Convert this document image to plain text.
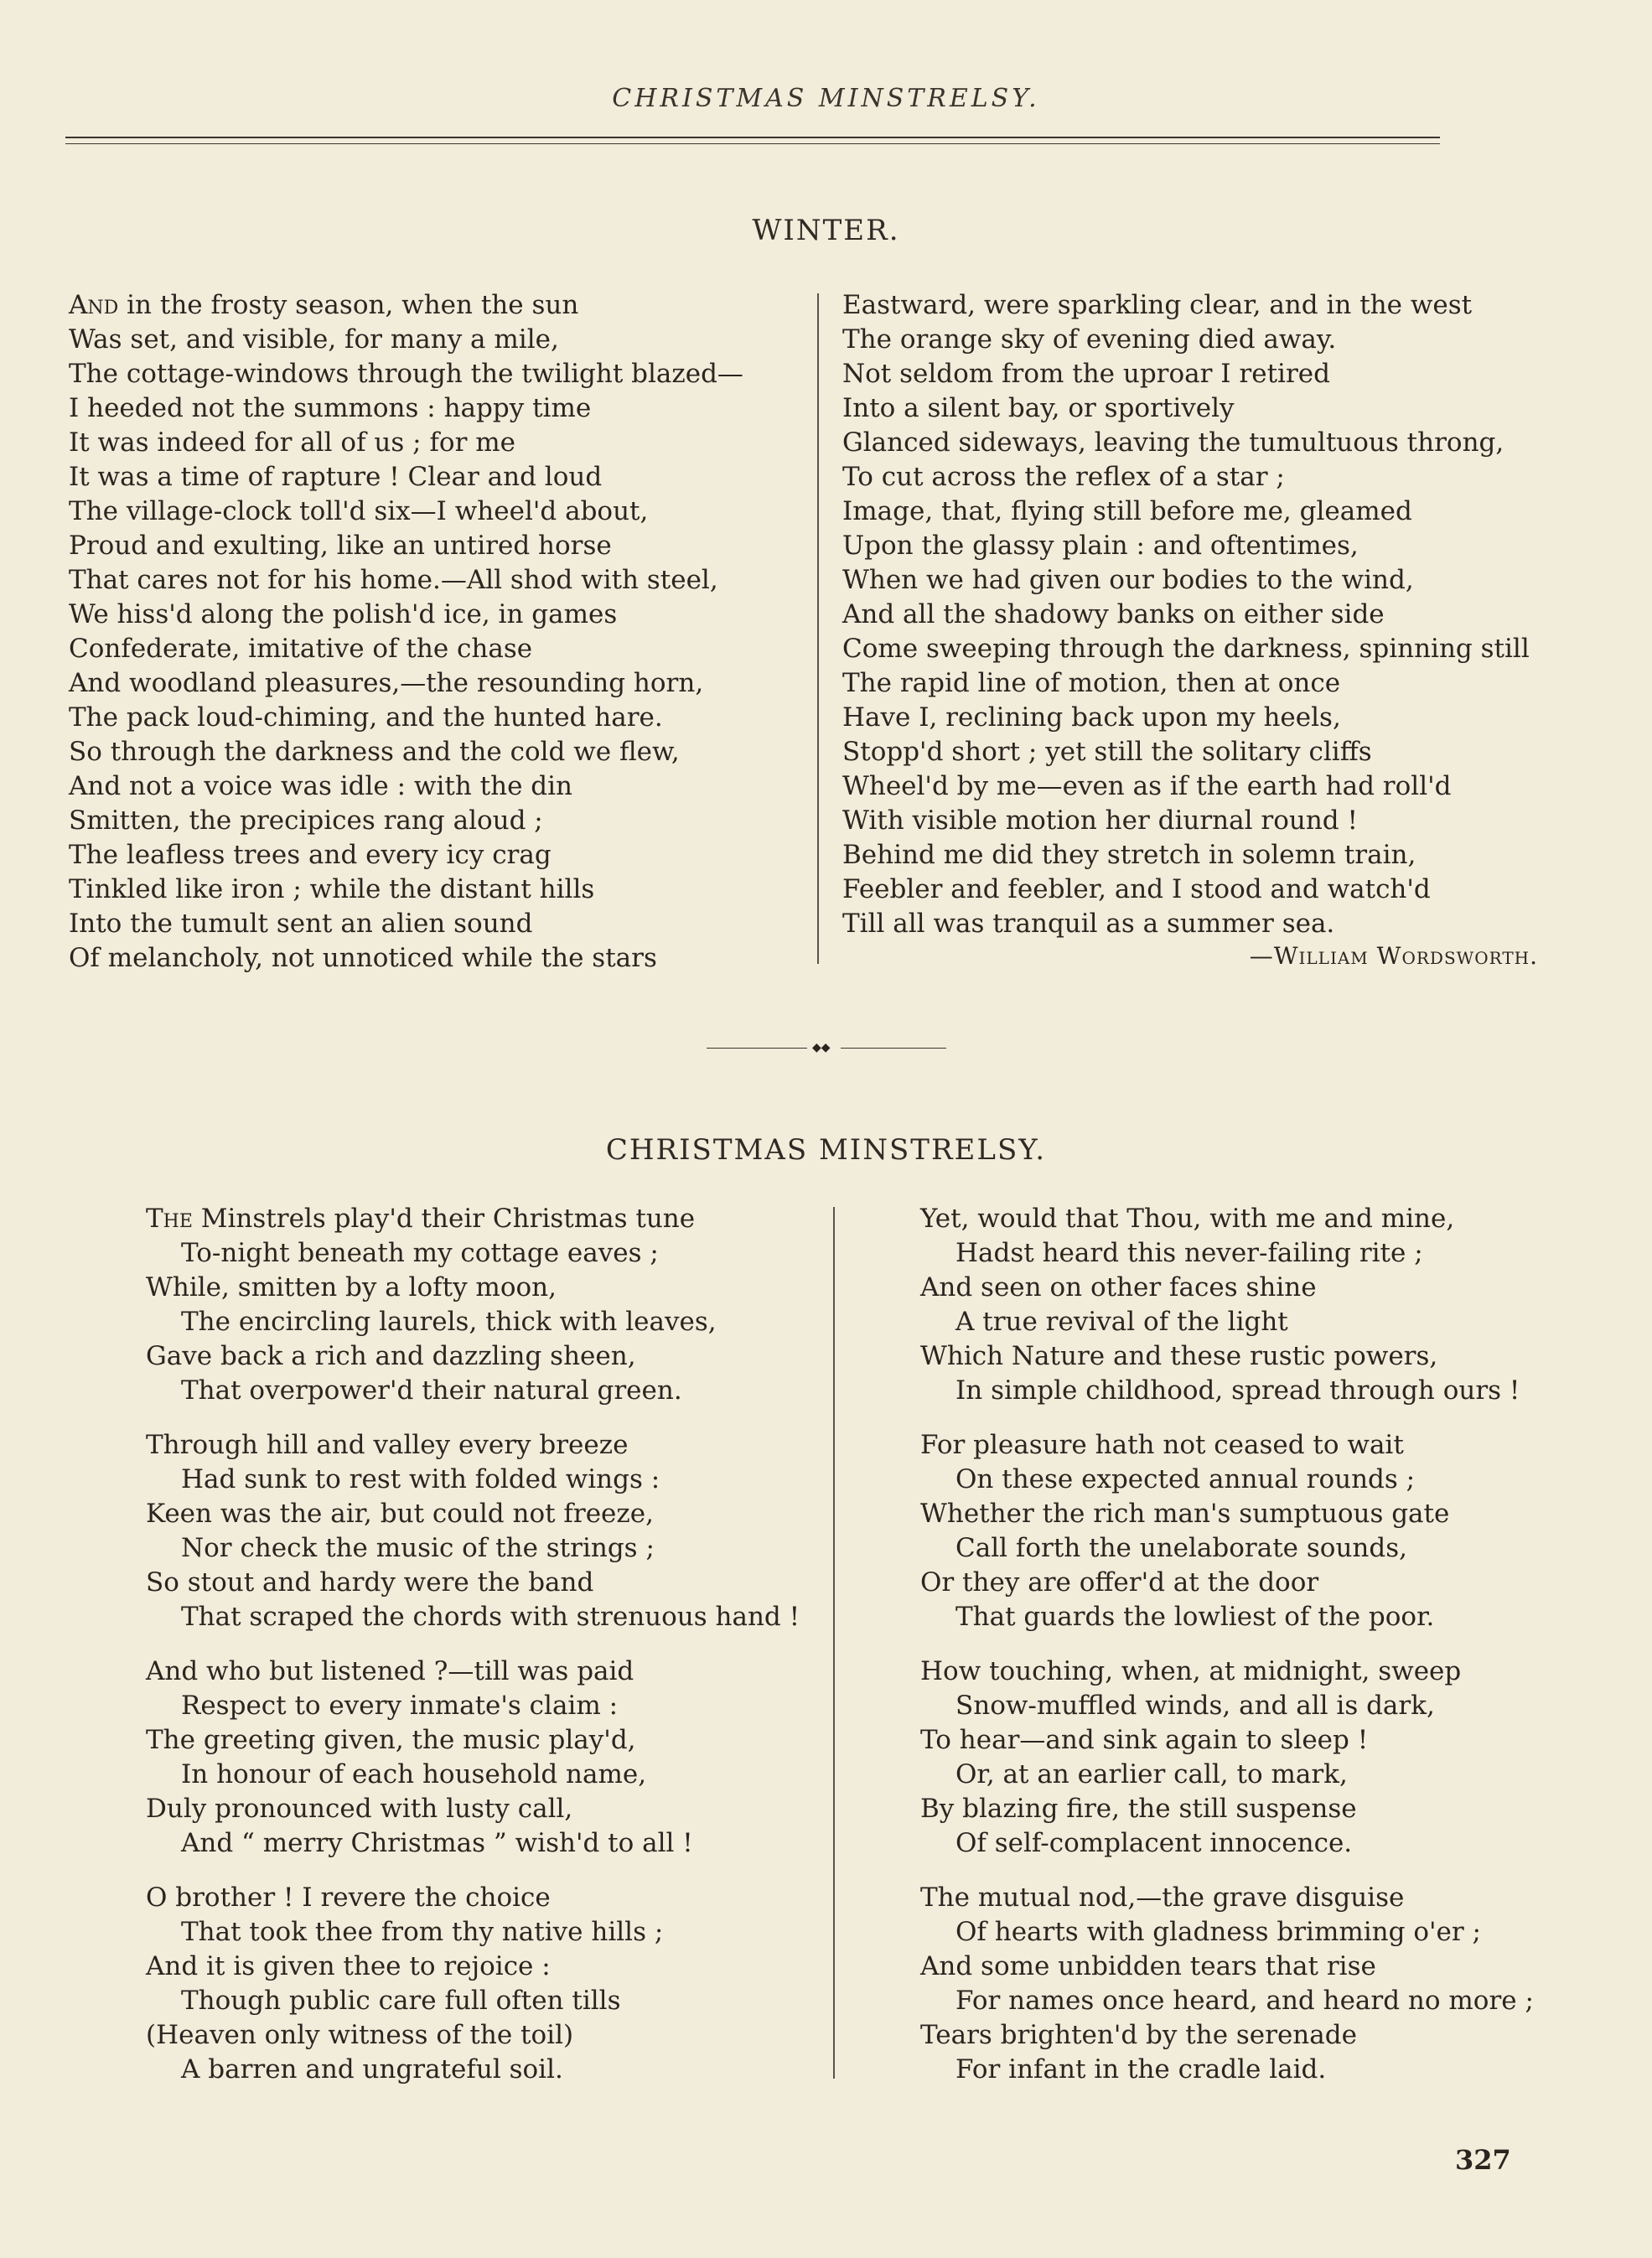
CHRISTMAS MINSTRELSY.
WINTER.
And in the frosty season, when the sun
Was set, and visible, for many a mile,
The cottage-windows through the twilight blazed—
I heeded not the summons : happy time
It was indeed for all of us ; for me
It was a time of rapture ! Clear and loud
The village-clock toll'd six—I wheel'd about,
Proud and exulting, like an untired horse
That cares not for his home.—All shod with steel,
We hiss'd along the polish'd ice, in games
Confederate, imitative of the chase
And woodland pleasures,—the resounding horn,
The pack loud-chiming, and the hunted hare.
So through the darkness and the cold we flew,
And not a voice was idle : with the din
Smitten, the precipices rang aloud ;
The leafless trees and every icy crag
Tinkled like iron ; while the distant hills
Into the tumult sent an alien sound
Of melancholy, not unnoticed while the stars
Eastward, were sparkling clear, and in the west
The orange sky of evening died away.
Not seldom from the uproar I retired
Into a silent bay, or sportively
Glanced sideways, leaving the tumultuous throng,
To cut across the reflex of a star ;
Image, that, flying still before me, gleamed
Upon the glassy plain : and oftentimes,
When we had given our bodies to the wind,
And all the shadowy banks on either side
Come sweeping through the darkness, spinning still
The rapid line of motion, then at once
Have I, reclining back upon my heels,
Stopp'd short ; yet still the solitary cliffs
Wheel'd by me—even as if the earth had roll'd
With visible motion her diurnal round !
Behind me did they stretch in solemn train,
Feebler and feebler, and I stood and watch'd
Till all was tranquil as a summer sea.
—William Wordsworth.
◆◆
CHRISTMAS MINSTRELSY.
The Minstrels play'd their Christmas tune
To-night beneath my cottage eaves ;
While, smitten by a lofty moon,
The encircling laurels, thick with leaves,
Gave back a rich and dazzling sheen,
That overpower'd their natural green.
Through hill and valley every breeze
Had sunk to rest with folded wings :
Keen was the air, but could not freeze,
Nor check the music of the strings ;
So stout and hardy were the band
That scraped the chords with strenuous hand !
And who but listened ?—till was paid
Respect to every inmate's claim :
The greeting given, the music play'd,
In honour of each household name,
Duly pronounced with lusty call,
And “ merry Christmas ” wish'd to all !
O brother ! I revere the choice
That took thee from thy native hills ;
And it is given thee to rejoice :
Though public care full often tills
(Heaven only witness of the toil)
A barren and ungrateful soil.
Yet, would that Thou, with me and mine,
Hadst heard this never-failing rite ;
And seen on other faces shine
A true revival of the light
Which Nature and these rustic powers,
In simple childhood, spread through ours !
For pleasure hath not ceased to wait
On these expected annual rounds ;
Whether the rich man's sumptuous gate
Call forth the unelaborate sounds,
Or they are offer'd at the door
That guards the lowliest of the poor.
How touching, when, at midnight, sweep
Snow-muffled winds, and all is dark,
To hear—and sink again to sleep !
Or, at an earlier call, to mark,
By blazing fire, the still suspense
Of self-complacent innocence.
The mutual nod,—the grave disguise
Of hearts with gladness brimming o'er ;
And some unbidden tears that rise
For names once heard, and heard no more ;
Tears brighten'd by the serenade
For infant in the cradle laid.
327
